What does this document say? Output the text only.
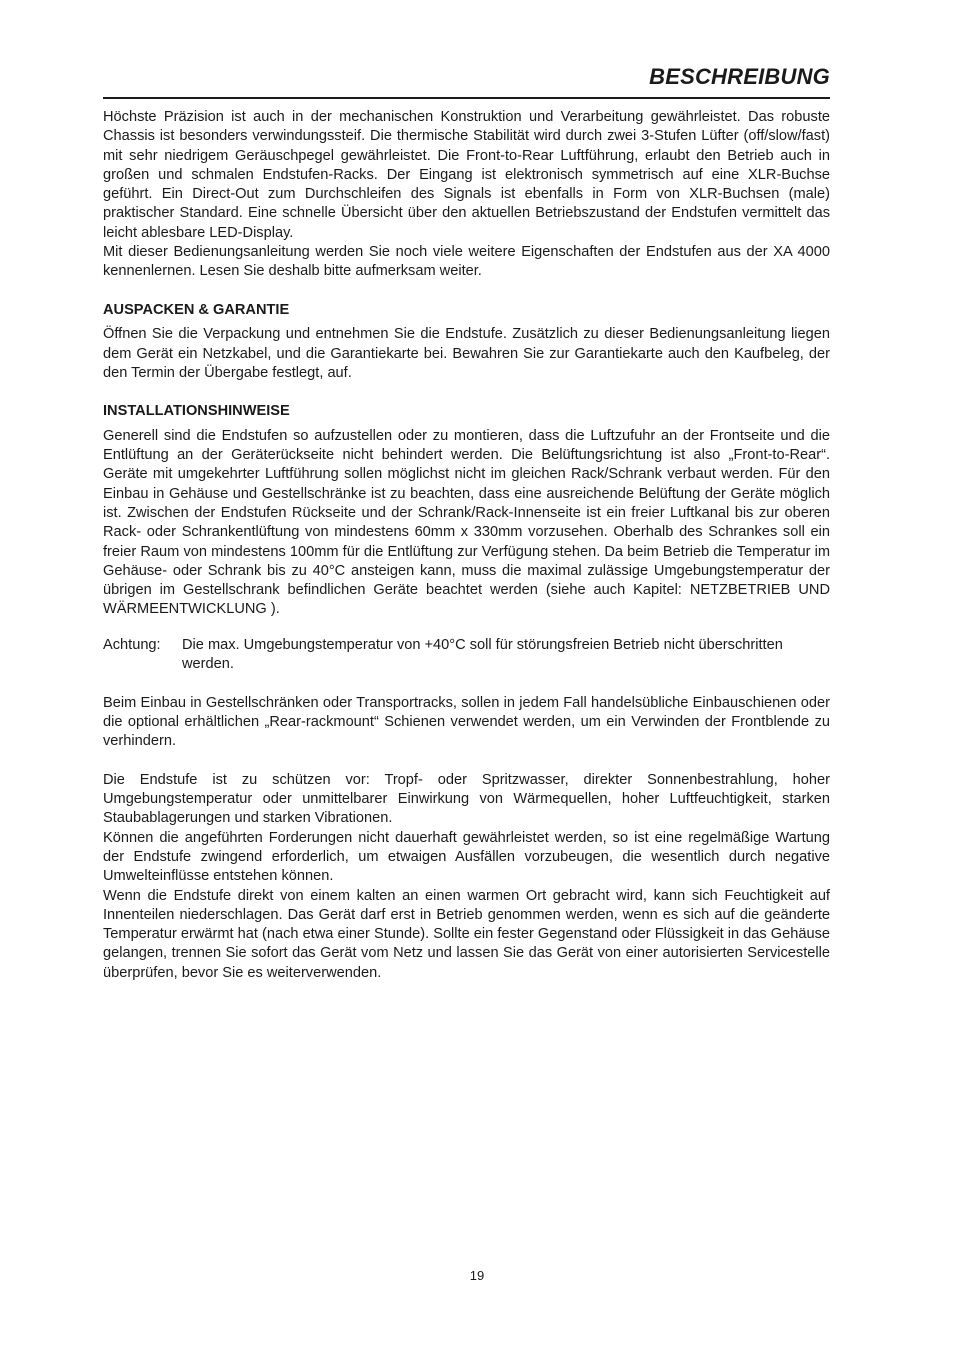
BESCHREIBUNG

Höchste Präzision ist auch in der mechanischen Konstruktion und Verarbeitung gewährleistet. Das robuste Chassis ist besonders verwindungssteif. Die thermische Stabilität wird durch zwei 3-Stufen Lüfter (off/slow/fast) mit sehr niedrigem Geräuschpegel gewährleistet. Die Front-to-Rear Luftführung, erlaubt den Betrieb auch in großen und schmalen Endstufen-Racks. Der Eingang ist elektronisch symmetrisch auf eine XLR-Buchse geführt. Ein Direct-Out zum Durchschleifen des Signals ist ebenfalls in Form von XLR-Buchsen (male) praktischer Standard. Eine schnelle Übersicht über den aktuellen Betriebszustand der Endstufen vermittelt das leicht ablesbare LED-Display.

Mit dieser Bedienungsanleitung werden Sie noch viele weitere Eigenschaften der Endstufen aus der XA 4000 kennenlernen. Lesen Sie deshalb bitte aufmerksam weiter.

AUSPACKEN & GARANTIE

Öffnen Sie die Verpackung und entnehmen Sie die Endstufe. Zusätzlich zu dieser Bedienungsanleitung liegen dem Gerät ein Netzkabel, und die Garantiekarte bei. Bewahren Sie zur Garantiekarte auch den Kaufbeleg, der den Termin der Übergabe festlegt, auf.

INSTALLATIONSHINWEISE

Generell sind die Endstufen so aufzustellen oder zu montieren, dass die Luftzufuhr an der Frontseite und die Entlüftung an der Geräterückseite nicht behindert werden. Die Belüftungsrichtung ist also „Front-to-Rear“. Geräte mit umgekehrter Luftführung sollen möglichst nicht im gleichen Rack/Schrank verbaut werden. Für den Einbau in Gehäuse und Gestellschränke ist zu beachten, dass eine ausreichende Belüftung der Geräte möglich ist. Zwischen der Endstufen Rückseite und der Schrank/Rack-Innenseite ist ein freier Luftkanal bis zur oberen Rack- oder Schrankentlüftung von mindestens 60mm x 330mm vorzusehen. Oberhalb des Schrankes soll ein freier Raum von mindestens 100mm für die Entlüftung zur Verfügung stehen. Da beim Betrieb die Temperatur im Gehäuse- oder Schrank bis zu 40°C ansteigen kann, muss die maximal zulässige Umgebungstemperatur der übrigen im Gestellschrank befindlichen Geräte beachtet werden (siehe auch Kapitel: NETZBETRIEB UND WÄRMEENTWICKLUNG ).

Achtung:	Die max. Umgebungstemperatur von +40°C soll für störungsfreien Betrieb nicht überschritten werden.

Beim Einbau in Gestellschränken oder Transportracks, sollen in jedem Fall handelsübliche Einbauschienen oder die optional erhältlichen „Rear-rackmount“ Schienen verwendet werden, um ein Verwinden der Frontblende zu verhindern.

Die Endstufe ist zu schützen vor: Tropf- oder Spritzwasser, direkter Sonnenbestrahlung, hoher Umgebungstemperatur oder unmittelbarer Einwirkung von Wärmequellen, hoher Luftfeuchtigkeit, starken Staubablagerungen und starken Vibrationen.

Können die angeführten Forderungen nicht dauerhaft gewährleistet werden, so ist eine regelmäßige Wartung der Endstufe zwingend erforderlich, um etwaigen Ausfällen vorzubeugen, die wesentlich durch negative Umwelteinflüsse entstehen können.

Wenn die Endstufe direkt von einem kalten an einen warmen Ort gebracht wird, kann sich Feuchtigkeit auf Innenteilen niederschlagen. Das Gerät darf erst in Betrieb genommen werden, wenn es sich auf die geänderte Temperatur erwärmt hat (nach etwa einer Stunde). Sollte ein fester Gegenstand oder Flüssigkeit in das Gehäuse gelangen, trennen Sie sofort das Gerät vom Netz und lassen Sie das Gerät von einer autorisierten Servicestelle überprüfen, bevor Sie es weiterverwenden.

19
